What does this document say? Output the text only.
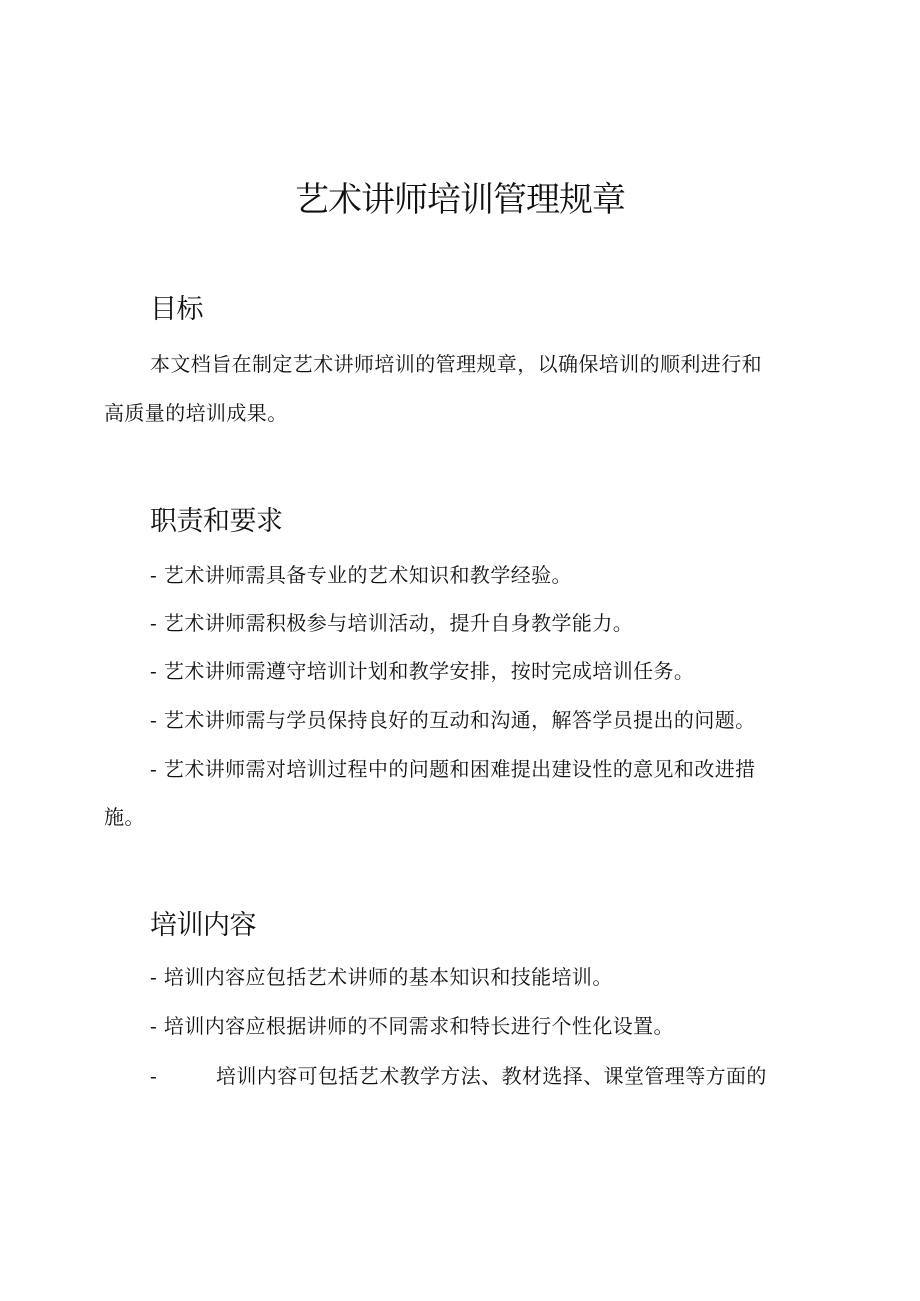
艺术讲师培训管理规章
目标

本文档旨在制定艺术讲师培训的管理规章，以确保培训的顺利进行和

高质量的培训成果。

职责和要求

- 艺术讲师需具备专业的艺术知识和教学经验。

- 艺术讲师需积极参与培训活动，提升自身教学能力。

- 艺术讲师需遵守培训计划和教学安排，按时完成培训任务。

- 艺术讲师需与学员保持良好的互动和沟通，解答学员提出的问题。

- 艺术讲师需对培训过程中的问题和困难提出建设性的意见和改进措

施。

培训内容

- 培训内容应包括艺术讲师的基本知识和技能培训。

- 培训内容应根据讲师的不同需求和特长进行个性化设置。

-	培训内容可包括艺术教学方法、教材选择、课堂管理等方面的
